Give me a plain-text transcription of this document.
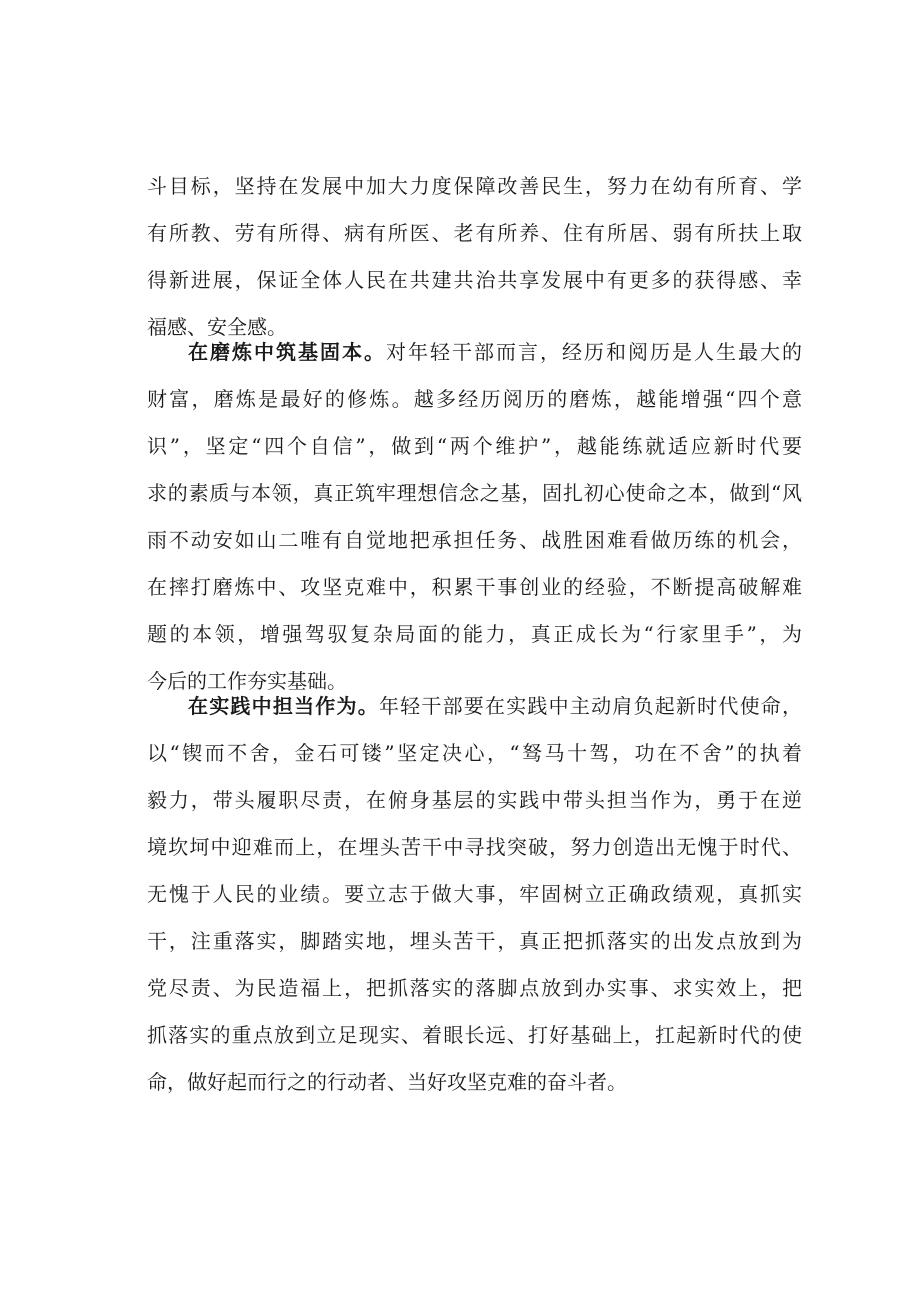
斗目标，坚持在发展中加大力度保障改善民生，努力在幼有所育、学
有所教、劳有所得、病有所医、老有所养、住有所居、弱有所扶上取
得新进展，保证全体人民在共建共治共享发展中有更多的获得感、幸
福感、安全感。
在磨炼中筑基固本。对年轻干部而言，经历和阅历是人生最大的
财富，磨炼是最好的修炼。越多经历阅历的磨炼，越能增强“四个意
识”，坚定“四个自信”，做到“两个维护”，越能练就适应新时代要
求的素质与本领，真正筑牢理想信念之基，固扎初心使命之本，做到“风
雨不动安如山二唯有自觉地把承担任务、战胜困难看做历练的机会，
在摔打磨炼中、攻坚克难中，积累干事创业的经验，不断提高破解难
题的本领，增强驾驭复杂局面的能力，真正成长为“行家里手”，为
今后的工作夯实基础。
在实践中担当作为。年轻干部要在实践中主动肩负起新时代使命，
以“锲而不舍，金石可镂”坚定决心，“驽马十驾，功在不舍”的执着
毅力，带头履职尽责，在俯身基层的实践中带头担当作为，勇于在逆
境坎坷中迎难而上，在埋头苦干中寻找突破，努力创造出无愧于时代、
无愧于人民的业绩。要立志于做大事，牢固树立正确政绩观，真抓实
干，注重落实，脚踏实地，埋头苦干，真正把抓落实的出发点放到为
党尽责、为民造福上，把抓落实的落脚点放到办实事、求实效上，把
抓落实的重点放到立足现实、着眼长远、打好基础上，扛起新时代的使
命，做好起而行之的行动者、当好攻坚克难的奋斗者。
